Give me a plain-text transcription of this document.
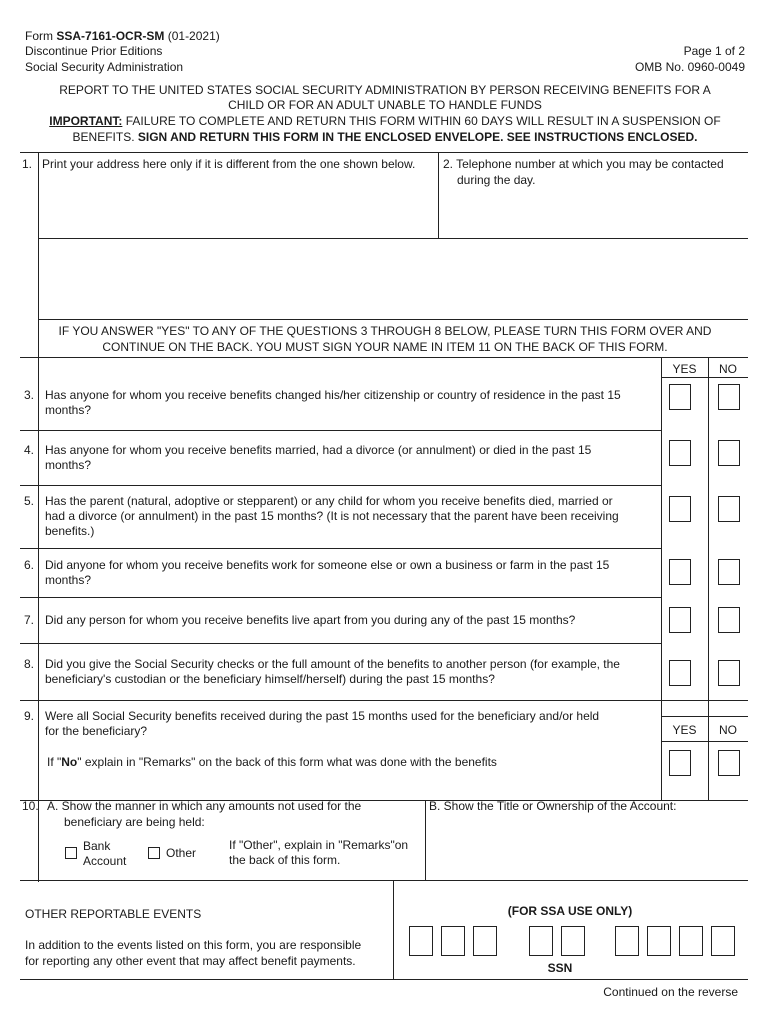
Form SSA-7161-OCR-SM (01-2021)
Discontinue Prior Editions
Social Security Administration
Page 1 of 2
OMB No. 0960-0049
REPORT TO THE UNITED STATES SOCIAL SECURITY ADMINISTRATION BY PERSON RECEIVING BENEFITS FOR A
CHILD OR FOR AN ADULT UNABLE TO HANDLE FUNDS
IMPORTANT: FAILURE TO COMPLETE AND RETURN THIS FORM WITHIN 60 DAYS WILL RESULT IN A SUSPENSION OF
BENEFITS. SIGN AND RETURN THIS FORM IN THE ENCLOSED ENVELOPE. SEE INSTRUCTIONS ENCLOSED.
1. Print your address here only if it is different from the one shown below. 2. Telephone number at which you may be contacted
during the day.
IF YOU ANSWER "YES" TO ANY OF THE QUESTIONS 3 THROUGH 8 BELOW, PLEASE TURN THIS FORM OVER AND
CONTINUE ON THE BACK. YOU MUST SIGN YOUR NAME IN ITEM 11 ON THE BACK OF THIS FORM.
YES	NO
3. Has anyone for whom you receive benefits changed his/her citizenship or country of residence in the past 15
months?
4. Has anyone for whom you receive benefits married, had a divorce (or annulment) or died in the past 15
months?
5. Has the parent (natural, adoptive or stepparent) or any child for whom you receive benefits died, married or
had a divorce (or annulment) in the past 15 months? (It is not necessary that the parent have been receiving
benefits.)
6. Did anyone for whom you receive benefits work for someone else or own a business or farm in the past 15
months?
7. Did any person for whom you receive benefits live apart from you during any of the past 15 months?
8. Did you give the Social Security checks or the full amount of the benefits to another person (for example, the
beneficiary's custodian or the beneficiary himself/herself) during the past 15 months?
9. Were all Social Security benefits received during the past 15 months used for the beneficiary and/or held
for the beneficiary?	YES	NO
If "No" explain in "Remarks" on the back of this form what was done with the benefits
10. A. Show the manner in which any amounts not used for the
beneficiary are being held:
Bank
Account
Other
If "Other", explain in "Remarks"on
the back of this form.
B. Show the Title or Ownership of the Account:
OTHER REPORTABLE EVENTS
In addition to the events listed on this form, you are responsible
for reporting any other event that may affect benefit payments.
(FOR SSA USE ONLY)
SSN
Continued on the reverse
